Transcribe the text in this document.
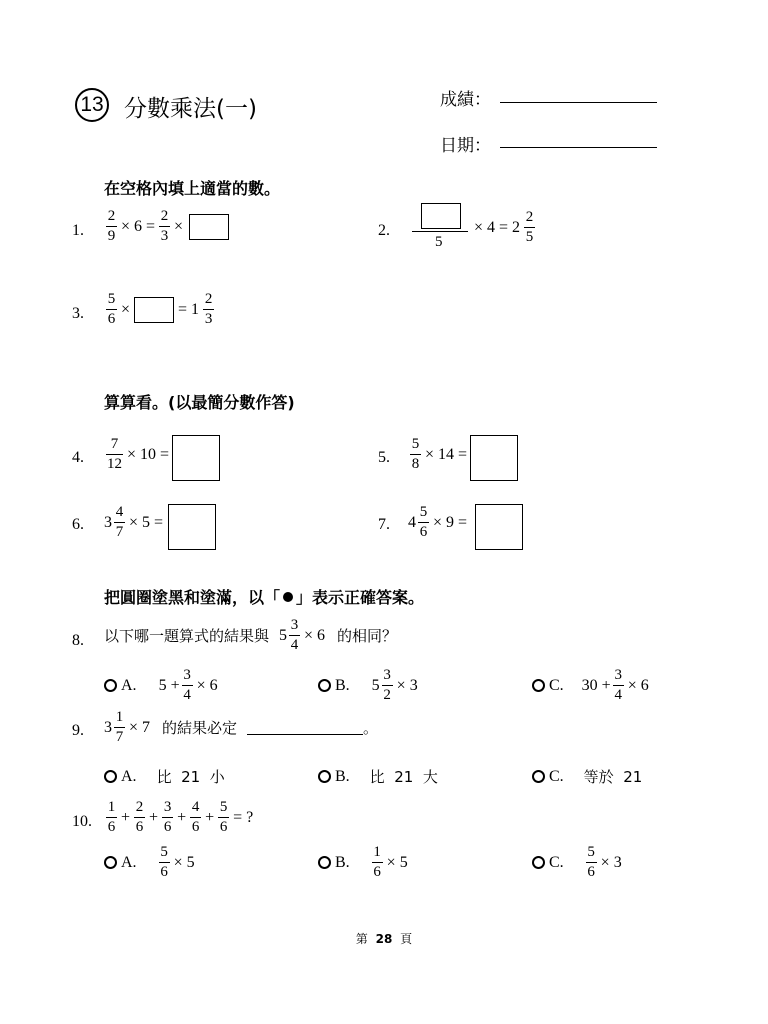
13 分數乘法(一)	成績：
日期：
在空格內填上適當的數。
1. $\frac{2}{9} \times 6 = \frac{2}{3}$ ×	2.
5
× $4 = 2 \frac{2}{5}$
3. $\frac{5}{6}$ ×	= $1 \frac{2}{3}$
算算看。(以最簡分數作答)
4. $\frac{7}{12} \times 10$ =	5. $\frac{5}{8} \times 14$ =
6. $3 \frac{4}{7} \times 5$ =	7. $4 \frac{5}{6} \times 9$ =
把圓圈塗黑和塗滿，以「 」表示正確答案。
8. 以下哪一題算式的結果與 $5 \frac{3}{4} \times 6$ 的相同？
A. $5 + \frac{3}{4} \times 6$	B. $5 \frac{3}{2} \times 3$	C. $30 + \frac{3}{4} \times 6$
9. $3 \frac{1}{7} \times 7$ 的結果必定	。
A. 比  21  小	B. 比  21  大	C. 等於  21
10. $\frac{1}{6} + \frac{2}{6} + \frac{3}{6} + \frac{4}{6} + \frac{5}{6}$ = ?
A. $\frac{5}{6} \times 5$	B. $\frac{1}{6} \times 5$	C. $\frac{5}{6} \times 3$
第 28 頁
